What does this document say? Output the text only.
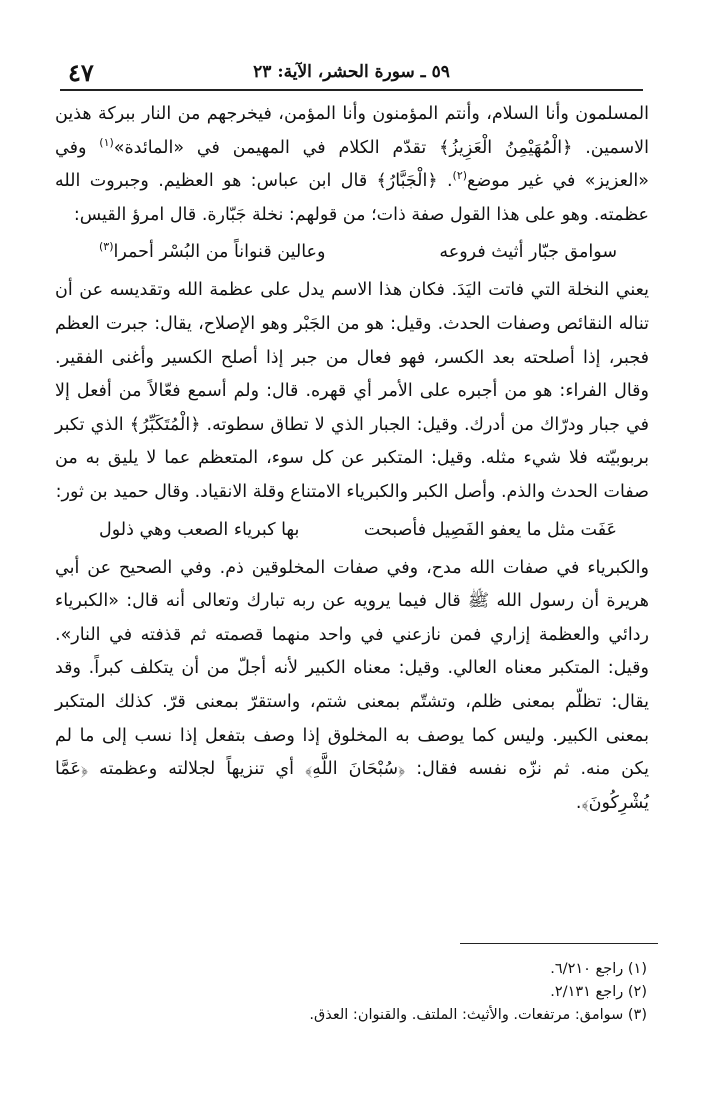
٤٧	٥٩ ـ سورة الحشر، الآية: ٢٣

المسلمون وأنا السلام، وأنتم المؤمنون وأنا المؤمن، فيخرجهم من النار ببركة هذين الاسمين. ﴿الْمُهَيْمِنُ الْعَزِيزُ﴾ تقدّم الكلام في المهيمن في «المائدة»$^{(١)}$ وفي «العزيز» في غير موضع$^{(٢)}$. ﴿الْجَبَّارُ﴾ قال ابن عباس: هو العظيم. وجبروت الله عظمته. وهو على هذا القول صفة ذات؛ من قولهم: نخلة جَبّارة. قال امرؤ القيس:

سوامق جبّار أثيث فروعه
وعالين قنواناً من البُسْر أحمرا$^{(٣)}$

يعني النخلة التي فاتت اليَدَ. فكان هذا الاسم يدل على عظمة الله وتقديسه عن أن تناله النقائص وصفات الحدث. وقيل: هو من الجَبْر وهو الإصلاح، يقال: جبرت العظم فجبر، إذا أصلحته بعد الكسر، فهو فعال من جبر إذا أصلح الكسير وأغنى الفقير. وقال الفراء: هو من أجبره على الأمر أي قهره. قال: ولم أسمع فعّالاً من أفعل إلا في جبار ودرّاك من أدرك. وقيل: الجبار الذي لا تطاق سطوته. ﴿الْمُتَكَبِّرُ﴾ الذي تكبر بربوبيّته فلا شيء مثله. وقيل: المتكبر عن كل سوء، المتعظم عما لا يليق به من صفات الحدث والذم. وأصل الكبر والكبرياء الامتناع وقلة الانقياد. وقال حميد بن ثور:

عَفَت مثل ما يعفو الفَصِيل فأصبحت
بها كبرياء الصعب وهي ذلول

والكبرياء في صفات الله مدح، وفي صفات المخلوقين ذم. وفي الصحيح عن أبي هريرة أن رسول الله ﷺ قال فيما يرويه عن ربه تبارك وتعالى أنه قال: «الكبرياء ردائي والعظمة إزاري فمن نازعني في واحد منهما قصمته ثم قذفته في النار». وقيل: المتكبر معناه العالي. وقيل: معناه الكبير لأنه أجلّ من أن يتكلف كبراً. وقد يقال: تظلّم بمعنى ظلم، وتشتّم بمعنى شتم، واستقرّ بمعنى قرّ. كذلك المتكبر بمعنى الكبير. وليس كما يوصف به المخلوق إذا وصف بتفعل إذا نسب إلى ما لم يكن منه. ثم نزّه نفسه فقال: ﴿سُبْحَانَ اللَّهِ﴾ أي تنزيهاً لجلالته وعظمته ﴿عَمَّا يُشْرِكُونَ﴾.

(١) راجع ٦/٢١٠.
(٢) راجع ٢/١٣١.
(٣) سوامق: مرتفعات. والأثيث: الملتف. والقنوان: العذق.
